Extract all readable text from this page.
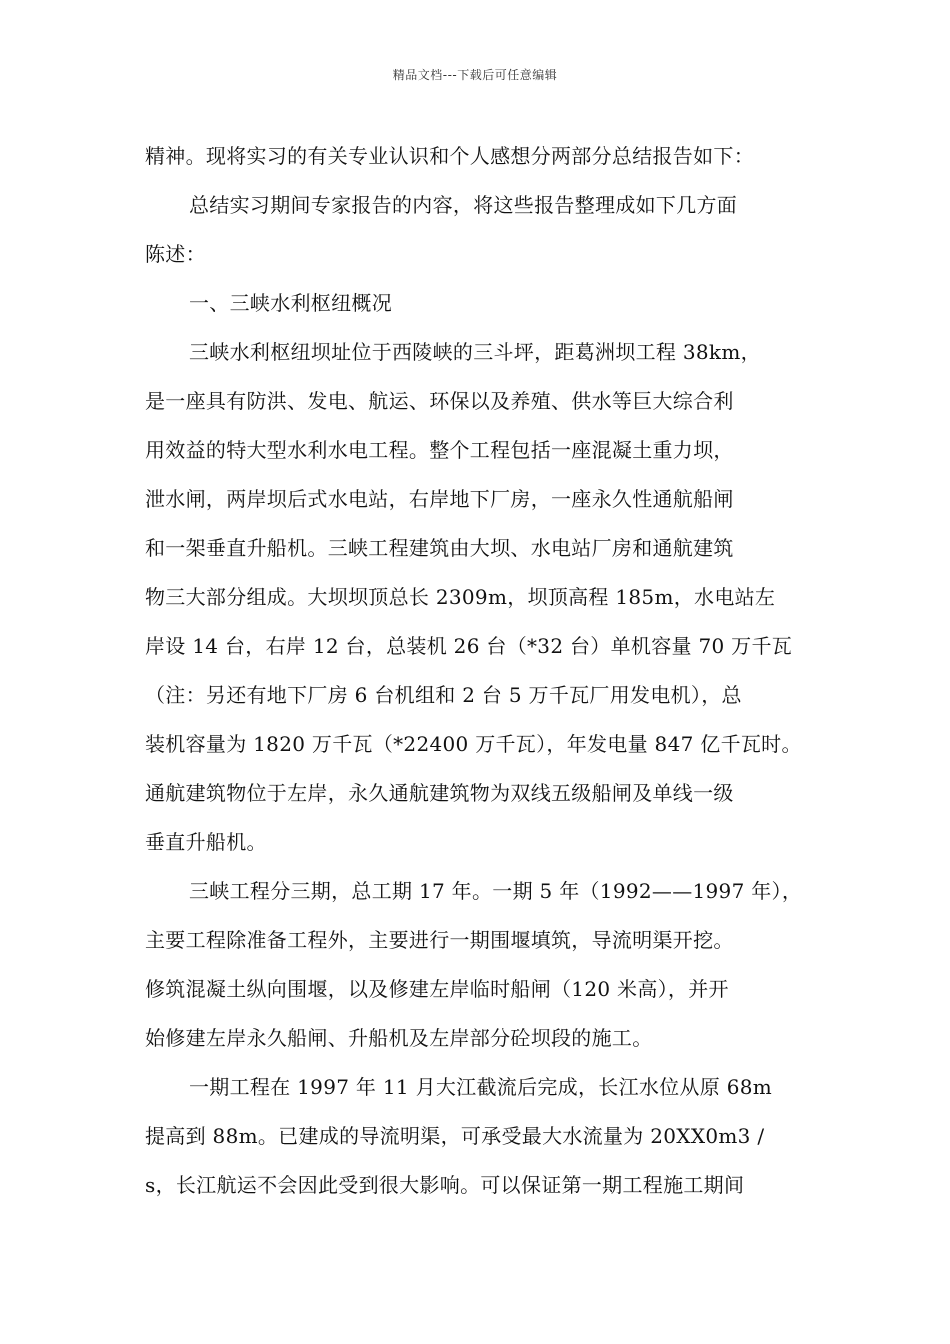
精品文档---下载后可任意编辑

精神。现将实习的有关专业认识和个人感想分两部分总结报告如下：

总结实习期间专家报告的内容，将这些报告整理成如下几方面
陈述：

一、三峡水利枢纽概况

三峡水利枢纽坝址位于西陵峡的三斗坪，距葛洲坝工程 38km，
是一座具有防洪、发电、航运、环保以及养殖、供水等巨大综合利
用效益的特大型水利水电工程。整个工程包括一座混凝土重力坝，
泄水闸，两岸坝后式水电站，右岸地下厂房，一座永久性通航船闸
和一架垂直升船机。三峡工程建筑由大坝、水电站厂房和通航建筑
物三大部分组成。大坝坝顶总长 2309m，坝顶高程 185m，水电站左
岸设 14 台，右岸 12 台，总装机 26 台（*32 台）单机容量 70 万千瓦
（注：另还有地下厂房 6 台机组和 2 台 5 万千瓦厂用发电机），总
装机容量为 1820 万千瓦（*22400 万千瓦），年发电量 847 亿千瓦时。
通航建筑物位于左岸，永久通航建筑物为双线五级船闸及单线一级
垂直升船机。

三峡工程分三期，总工期 17 年。一期 5 年（1992——1997 年），
主要工程除准备工程外，主要进行一期围堰填筑，导流明渠开挖。
修筑混凝土纵向围堰，以及修建左岸临时船闸（120 米高），并开
始修建左岸永久船闸、升船机及左岸部分砼坝段的施工。

一期工程在 1997 年 11 月大江截流后完成，长江水位从原 68m
提高到 88m。已建成的导流明渠，可承受最大水流量为 20XX0m3 /
s，长江航运不会因此受到很大影响。可以保证第一期工程施工期间
